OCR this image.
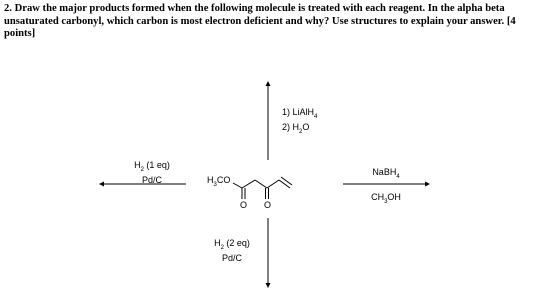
2. Draw the major products formed when the following molecule is treated with each reagent. In the alpha beta unsaturated carbonyl, which carbon is most electron deficient and why? Use structures to explain your answer. [4 points]

1) LiAlH$_4$
2) $H_2O$
$H_2$ (1 eq)
Pd/C
NaBH$_4$
$CH_3OH$
$H_2$ (2 eq)
Pd/C
$H_3CO$
O O
